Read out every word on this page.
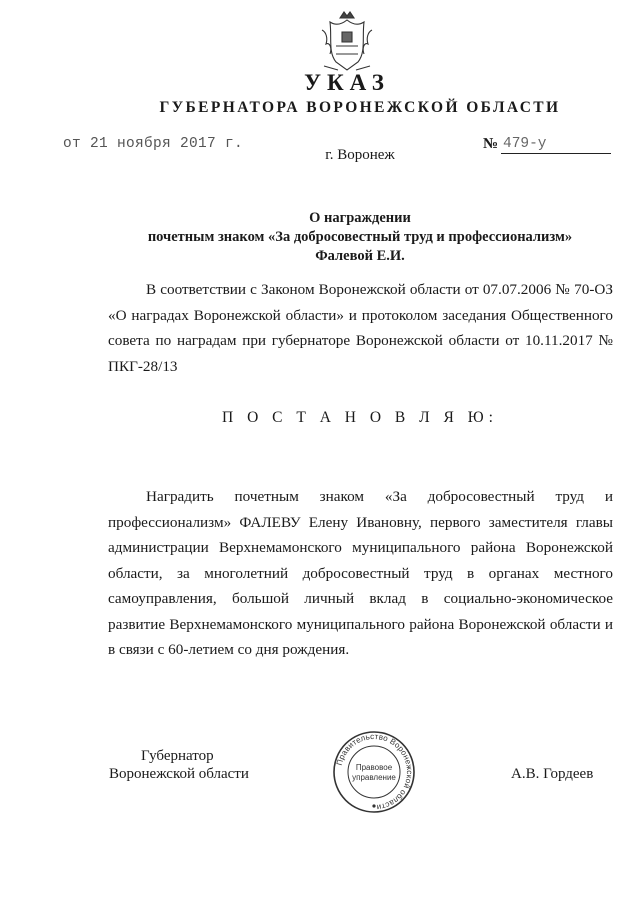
УКАЗ
ГУБЕРНАТОРА ВОРОНЕЖСКОЙ ОБЛАСТИ
от 21 ноября 2017 г.	№ 479-у
г. Воронеж
О награждении
почетным знаком «За добросовестный труд и профессионализм»
Фалевой Е.И.
В соответствии с Законом Воронежской области от 07.07.2006 № 70-ОЗ «О наградах Воронежской области» и протоколом заседания Общественного совета по наградам при губернаторе Воронежской области от 10.11.2017 № ПКГ-28/13
П О С Т А Н О В Л Я Ю:
Наградить почетным знаком «За добросовестный труд и профессионализм» ФАЛЕВУ Елену Ивановну, первого заместителя главы администрации Верхнемамонского муниципального района Воронежской области, за многолетний добросовестный труд в органах местного самоуправления, большой личный вклад в социально-экономическое развитие Верхнемамонского муниципального района Воронежской области и в связи с 60-летием со дня рождения.
Губернатор
Воронежской области	А.В. Гордеев
Правительство Воронежской области
Правовое
управление
